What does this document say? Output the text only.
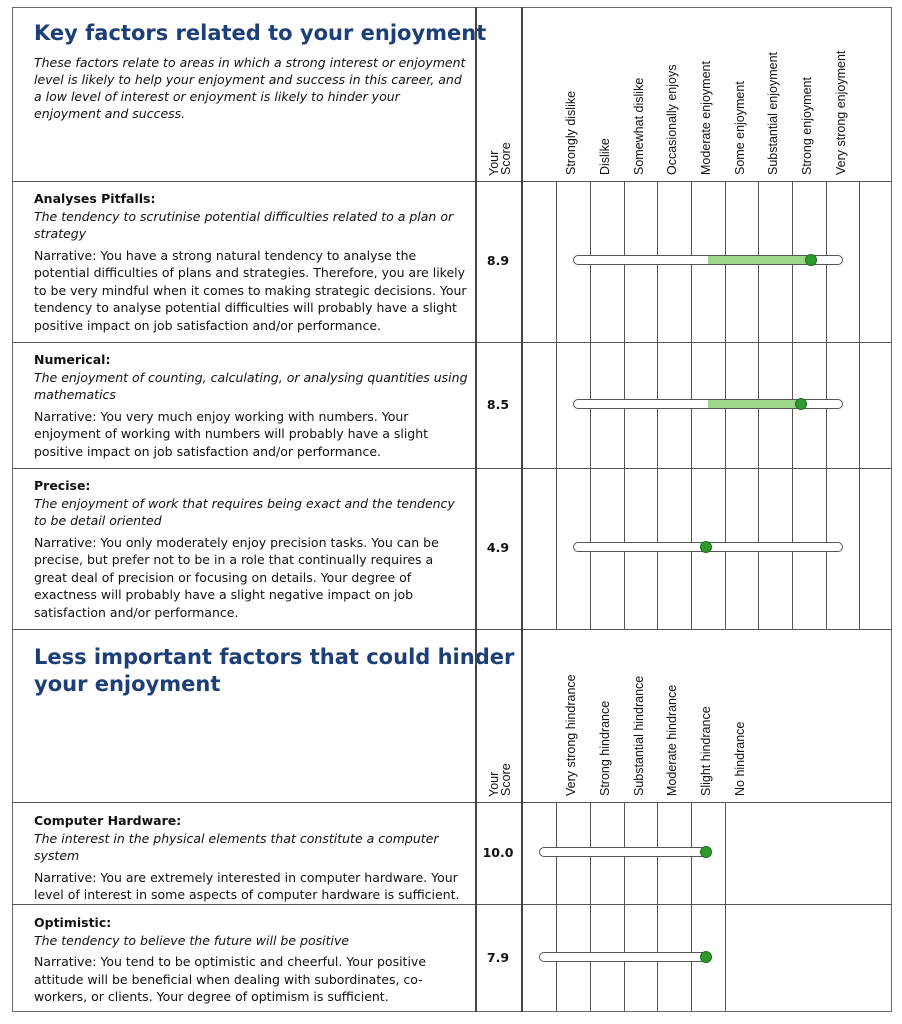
Key factors related to your enjoyment
These factors relate to areas in which a strong interest or enjoyment level is likely to help your enjoyment and success in this career, and a low level of interest or enjoyment is likely to hinder your enjoyment and success.
Your
Score	Strongly dislike Dislike Somewhat dislike Occasionally enjoys Moderate enjoyment Some enjoyment Substantial enjoyment Strong enjoyment Very strong enjoyment
Analyses Pitfalls:
The tendency to scrutinise potential difficulties related to a plan or strategy
Narrative: You have a strong natural tendency to analyse the potential difficulties of plans and strategies. Therefore, you are likely to be very mindful when it comes to making strategic decisions. Your tendency to analyse potential difficulties will probably have a slight positive impact on job satisfaction and/or performance.
8.9
Numerical:
The enjoyment of counting, calculating, or analysing quantities using mathematics
Narrative: You very much enjoy working with numbers. Your enjoyment of working with numbers will probably have a slight positive impact on job satisfaction and/or performance.
8.5
Precise:
The enjoyment of work that requires being exact and the tendency to be detail oriented
Narrative: You only moderately enjoy precision tasks. You can be precise, but prefer not to be in a role that continually requires a great deal of precision or focusing on details. Your degree of exactness will probably have a slight negative impact on job satisfaction and/or performance.
4.9
Less important factors that could hinder
your enjoyment
Your
Score	Very strong hindrance Strong hindrance Substantial hindrance Moderate hindrance Slight hindrance No hindrance
Computer Hardware:
The interest in the physical elements that constitute a computer system
Narrative: You are extremely interested in computer hardware. Your level of interest in some aspects of computer hardware is sufficient.
10.0
Optimistic:
The tendency to believe the future will be positive
Narrative: You tend to be optimistic and cheerful. Your positive attitude will be beneficial when dealing with subordinates, co-workers, or clients. Your degree of optimism is sufficient.
7.9
